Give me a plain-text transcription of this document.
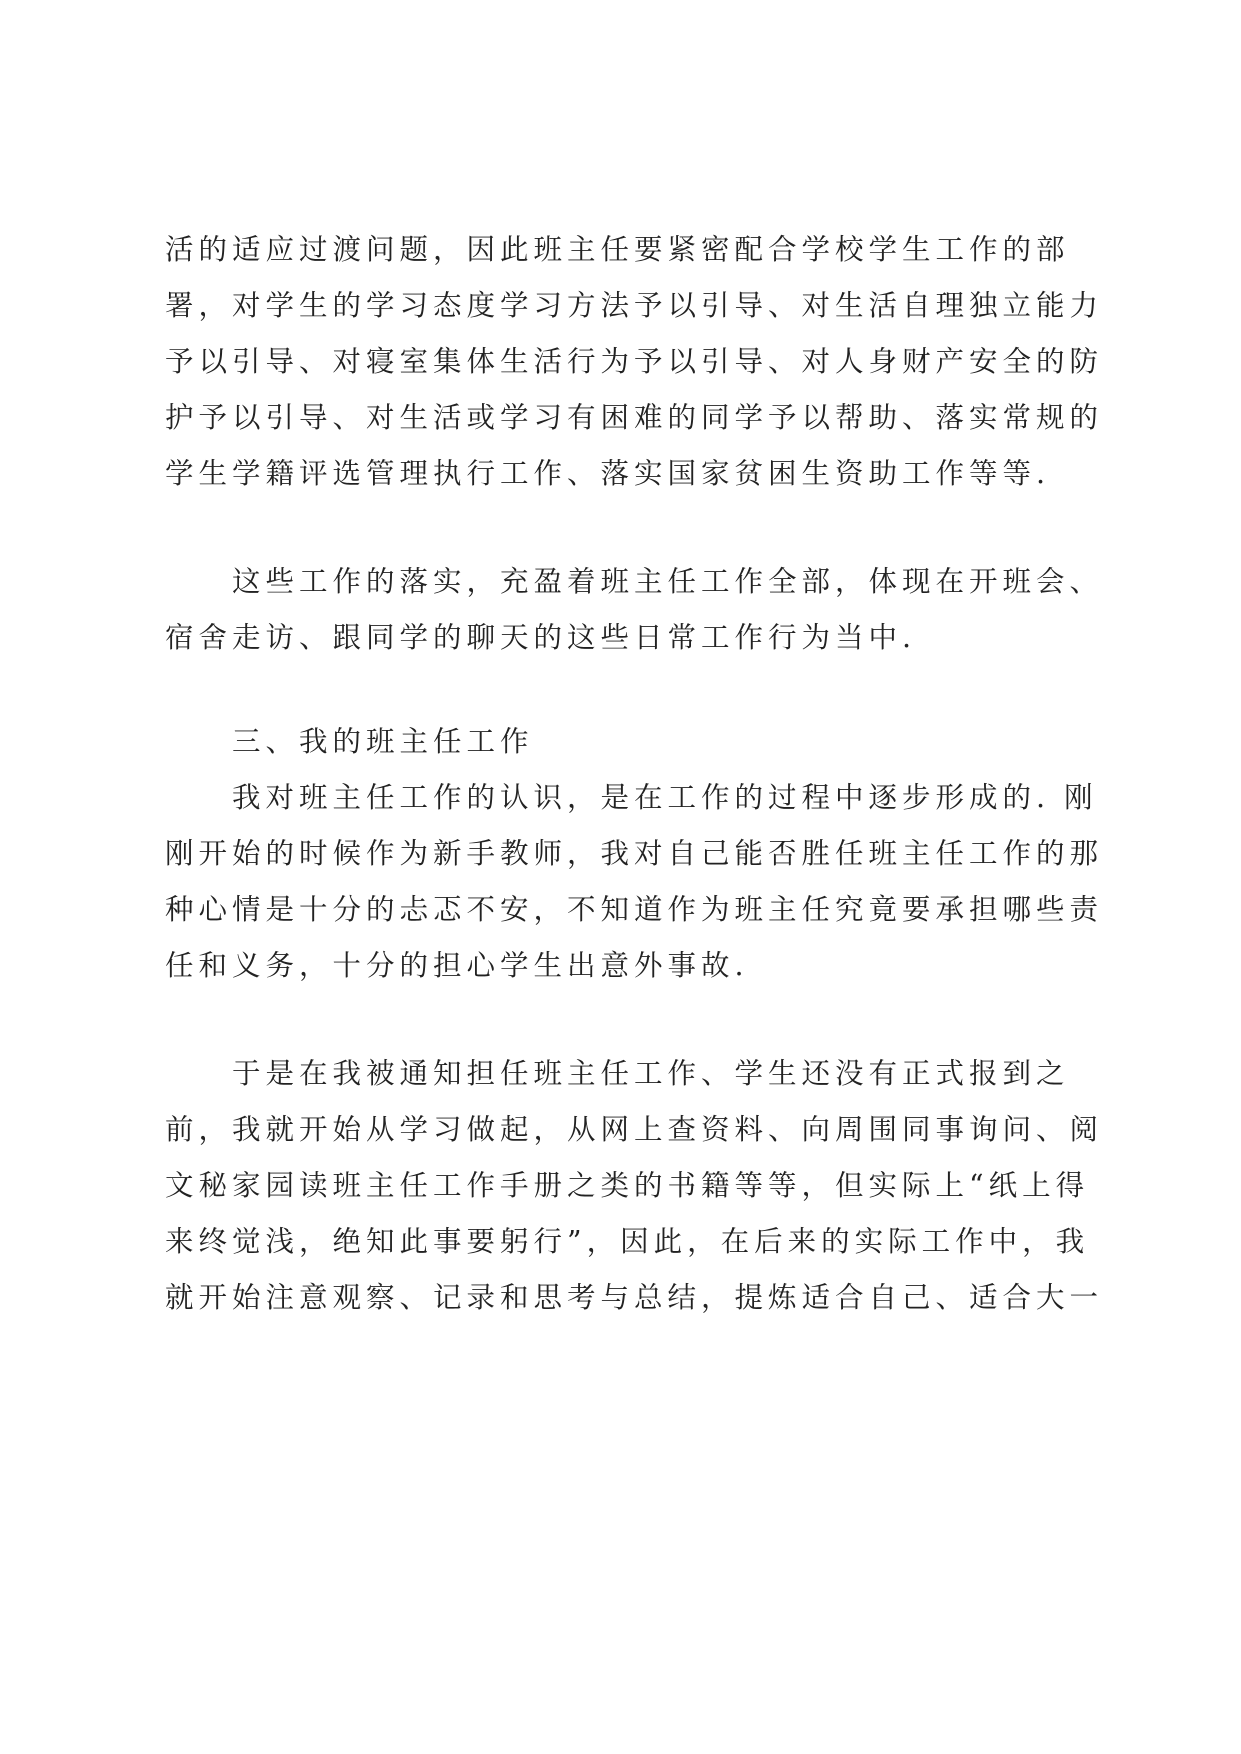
活的适应过渡问题，因此班主任要紧密配合学校学生工作的部
署，对学生的学习态度学习方法予以引导、对生活自理独立能力
予以引导、对寝室集体生活行为予以引导、对人身财产安全的防
护予以引导、对生活或学习有困难的同学予以帮助、落实常规的
学生学籍评选管理执行工作、落实国家贫困生资助工作等等.
这些工作的落实，充盈着班主任工作全部，体现在开班会、
宿舍走访、跟同学的聊天的这些日常工作行为当中.
三、我的班主任工作
我对班主任工作的认识，是在工作的过程中逐步形成的. 刚
刚开始的时候作为新手教师，我对自己能否胜任班主任工作的那
种心情是十分的忐忑不安，不知道作为班主任究竟要承担哪些责
任和义务，十分的担心学生出意外事故.
于是在我被通知担任班主任工作、学生还没有正式报到之
前，我就开始从学习做起，从网上查资料、向周围同事询问、阅
文秘家园读班主任工作手册之类的书籍等等，但实际上“纸上得
来终觉浅，绝知此事要躬行”，因此，在后来的实际工作中，我
就开始注意观察、记录和思考与总结，提炼适合自己、适合大一
